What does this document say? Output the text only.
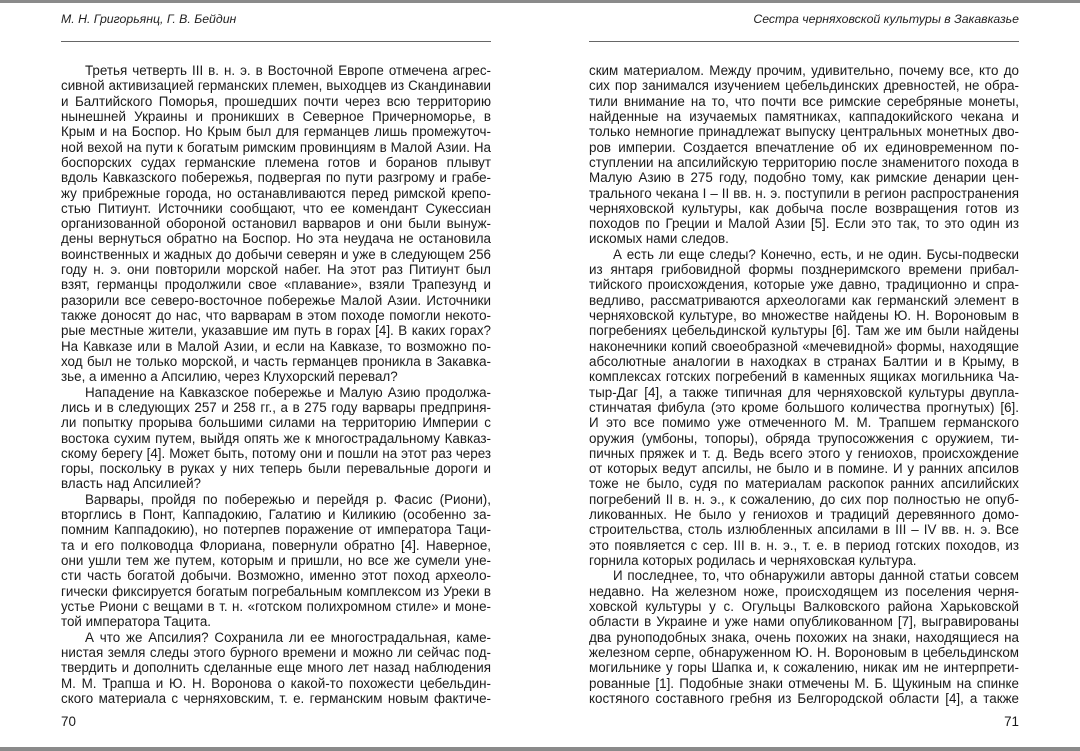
М. Н. Григорьянц, Г. В. Бейдин
Третья четверть III в. н. э. в Восточной Европе отмечена агрес-
сивной активизацией германских племен, выходцев из Скандинавии
и Балтийского Поморья, прошедших почти через всю территорию
нынешней Украины и проникших в Северное Причерноморье, в
Крым и на Боспор. Но Крым был для германцев лишь промежуточ-
ной вехой на пути к богатым римским провинциям в Малой Азии. На
боспорских судах германские племена готов и боранов плывут
вдоль Кавказского побережья, подвергая по пути разгрому и грабе-
жу прибрежные города, но останавливаются перед римской крепо-
стью Питиунт. Источники сообщают, что ее комендант Сукессиан
организованной обороной остановил варваров и они были вынуж-
дены вернуться обратно на Боспор. Но эта неудача не остановила
воинственных и жадных до добычи северян и уже в следующем 256
году н. э. они повторили морской набег. На этот раз Питиунт был
взят, германцы продолжили свое «плавание», взяли Трапезунд и
разорили все северо-восточное побережье Малой Азии. Источники
также доносят до нас, что варварам в этом походе помогли некото-
рые местные жители, указавшие им путь в горах [4]. В каких горах?
На Кавказе или в Малой Азии, и если на Кавказе, то возможно по-
ход был не только морской, и часть германцев проникла в Закавка-
зье, а именно а Апсилию, через Клухорский перевал?
Нападение на Кавказское побережье и Малую Азию продолжа-
лись и в следующих 257 и 258 гг., а в 275 году варвары предприня-
ли попытку прорыва большими силами на территорию Империи с
востока сухим путем, выйдя опять же к многострадальному Кавказ-
скому берегу [4]. Может быть, потому они и пошли на этот раз через
горы, поскольку в руках у них теперь были перевальные дороги и
власть над Апсилией?
Варвары, пройдя по побережью и перейдя р. Фасис (Риони),
вторглись в Понт, Каппадокию, Галатию и Киликию (особенно за-
помним Каппадокию), но потерпев поражение от императора Таци-
та и его полководца Флориана, повернули обратно [4]. Наверное,
они ушли тем же путем, которым и пришли, но все же сумели уне-
сти часть богатой добычи. Возможно, именно этот поход археоло-
гически фиксируется богатым погребальным комплексом из Уреки в
устье Риони с вещами в т. н. «готском полихромном стиле» и моне-
той императора Тацита.
А что же Апсилия? Сохранила ли ее многострадальная, каме-
нистая земля следы этого бурного времени и можно ли сейчас под-
твердить и дополнить сделанные еще много лет назад наблюдения
М. М. Трапша и Ю. Н. Воронова о какой-то похожести цебельдин-
ского материала с черняховским, т. е. германским новым фактиче-
70
Сестра черняховской культуры в Закавказье
ским материалом. Между прочим, удивительно, почему все, кто до
сих пор занимался изучением цебельдинских древностей, не обра-
тили внимание на то, что почти все римские серебряные монеты,
найденные на изучаемых памятниках, каппадокийского чекана и
только немногие принадлежат выпуску центральных монетных дво-
ров империи. Создается впечатление об их единовременном по-
ступлении на апсилийскую территорию после знаменитого похода в
Малую Азию в 275 году, подобно тому, как римские денарии цен-
трального чекана I – II вв. н. э. поступили в регион распространения
черняховской культуры, как добыча после возвращения готов из
походов по Греции и Малой Азии [5]. Если это так, то это один из
искомых нами следов.
А есть ли еще следы? Конечно, есть, и не один. Бусы-подвески
из янтаря грибовидной формы позднеримского времени прибал-
тийского происхождения, которые уже давно, традиционно и спра-
ведливо, рассматриваются археологами как германский элемент в
черняховской культуре, во множестве найдены Ю. Н. Вороновым в
погребениях цебельдинской культуры [6]. Там же им были найдены
наконечники копий своеобразной «мечевидной» формы, находящие
абсолютные аналогии в находках в странах Балтии и в Крыму, в
комплексах готских погребений в каменных ящиках могильника Ча-
тыр-Даг [4], а также типичная для черняховской культуры двупла-
стинчатая фибула (это кроме большого количества прогнутых) [6].
И это все помимо уже отмеченного М. М. Трапшем германского
оружия (умбоны, топоры), обряда трупосожжения с оружием, ти-
пичных пряжек и т. д. Ведь всего этого у гениохов, происхождение
от которых ведут апсилы, не было и в помине. И у ранних апсилов
тоже не было, судя по материалам раскопок ранних апсилийских
погребений II в. н. э., к сожалению, до сих пор полностью не опуб-
ликованных. Не было у гениохов и традиций деревянного домо-
строительства, столь излюбленных апсилами в III – IV вв. н. э. Все
это появляется с сер. III в. н. э., т. е. в период готских походов, из
горнила которых родилась и черняховская культура.
И последнее, то, что обнаружили авторы данной статьи совсем
недавно. На железном ноже, происходящем из поселения черня-
ховской культуры у с. Огульцы Валковского района Харьковской
области в Украине и уже нами опубликованном [7], выгравированы
два руноподобных знака, очень похожих на знаки, находящиеся на
железном серпе, обнаруженном Ю. Н. Вороновым в цебельдинском
могильнике у горы Шапка и, к сожалению, никак им не интерпрети-
рованные [1]. Подобные знаки отмечены М. Б. Щукиным на спинке
костяного составного гребня из Белгородской области [4], а также
71
